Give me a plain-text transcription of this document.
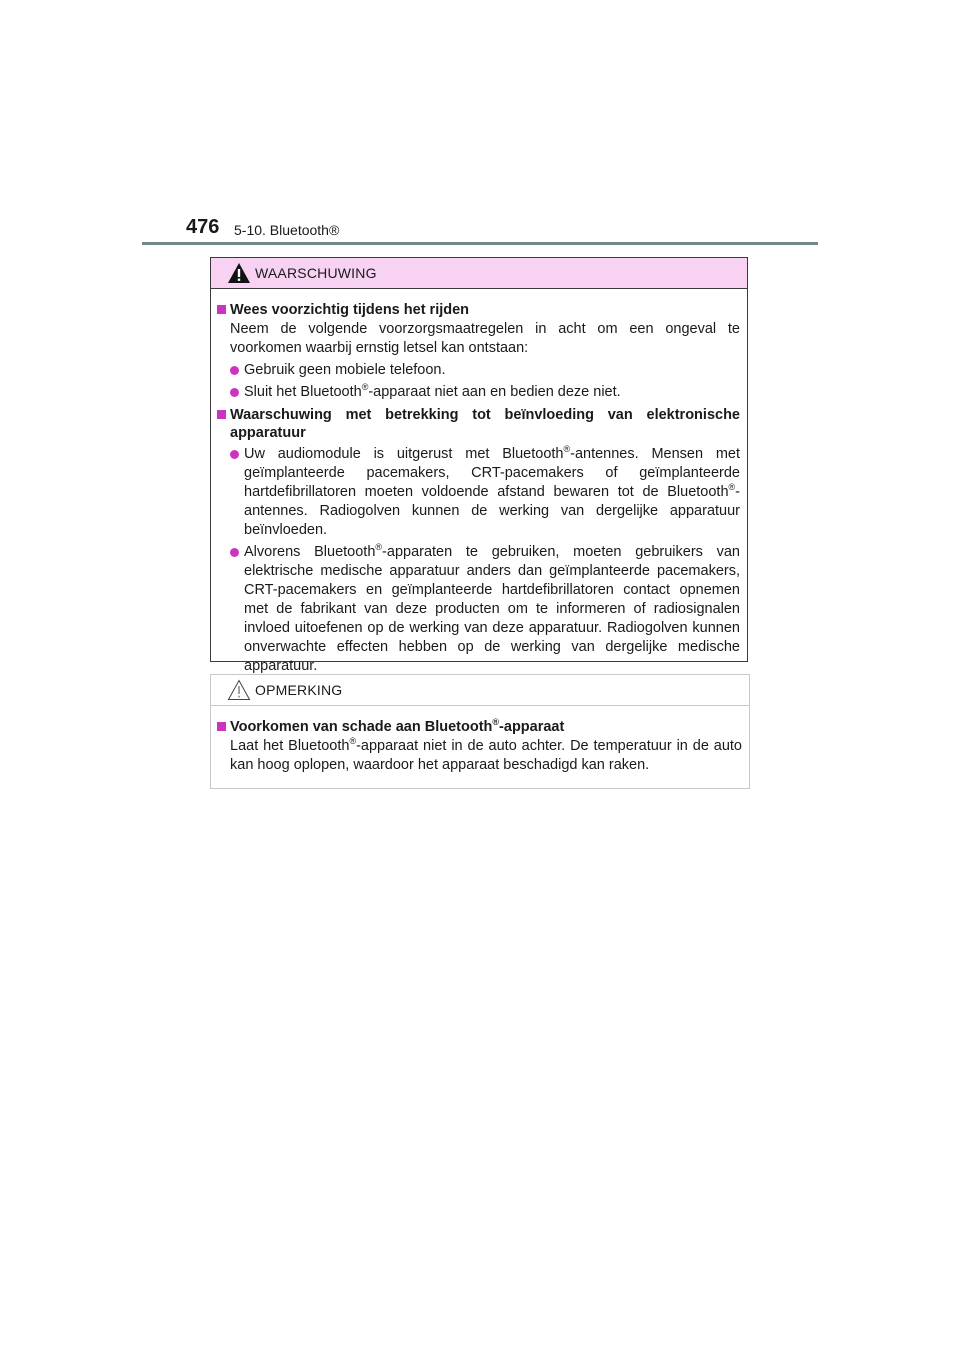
476 5-10. Bluetooth®
WAARSCHUWING
Wees voorzichtig tijdens het rijden
Neem de volgende voorzorgsmaatregelen in acht om een ongeval te voorkomen waarbij ernstig letsel kan ontstaan:
Gebruik geen mobiele telefoon.
Sluit het Bluetooth®-apparaat niet aan en bedien deze niet.
Waarschuwing met betrekking tot beïnvloeding van elektronische apparatuur
Uw audiomodule is uitgerust met Bluetooth®-antennes. Mensen met geïmplanteerde pacemakers, CRT-pacemakers of geïmplanteerde hartdefibrillatoren moeten voldoende afstand bewaren tot de Bluetooth®-antennes. Radiogolven kunnen de werking van dergelijke apparatuur beïnvloeden.
Alvorens Bluetooth®-apparaten te gebruiken, moeten gebruikers van elektrische medische apparatuur anders dan geïmplanteerde pacemakers, CRT-pacemakers en geïmplanteerde hartdefibrillatoren contact opnemen met de fabrikant van deze producten om te informeren of radiosignalen invloed uitoefenen op de werking van deze apparatuur. Radiogolven kunnen onverwachte effecten hebben op de werking van dergelijke medische apparatuur.
OPMERKING
Voorkomen van schade aan Bluetooth®-apparaat
Laat het Bluetooth®-apparaat niet in de auto achter. De temperatuur in de auto kan hoog oplopen, waardoor het apparaat beschadigd kan raken.
